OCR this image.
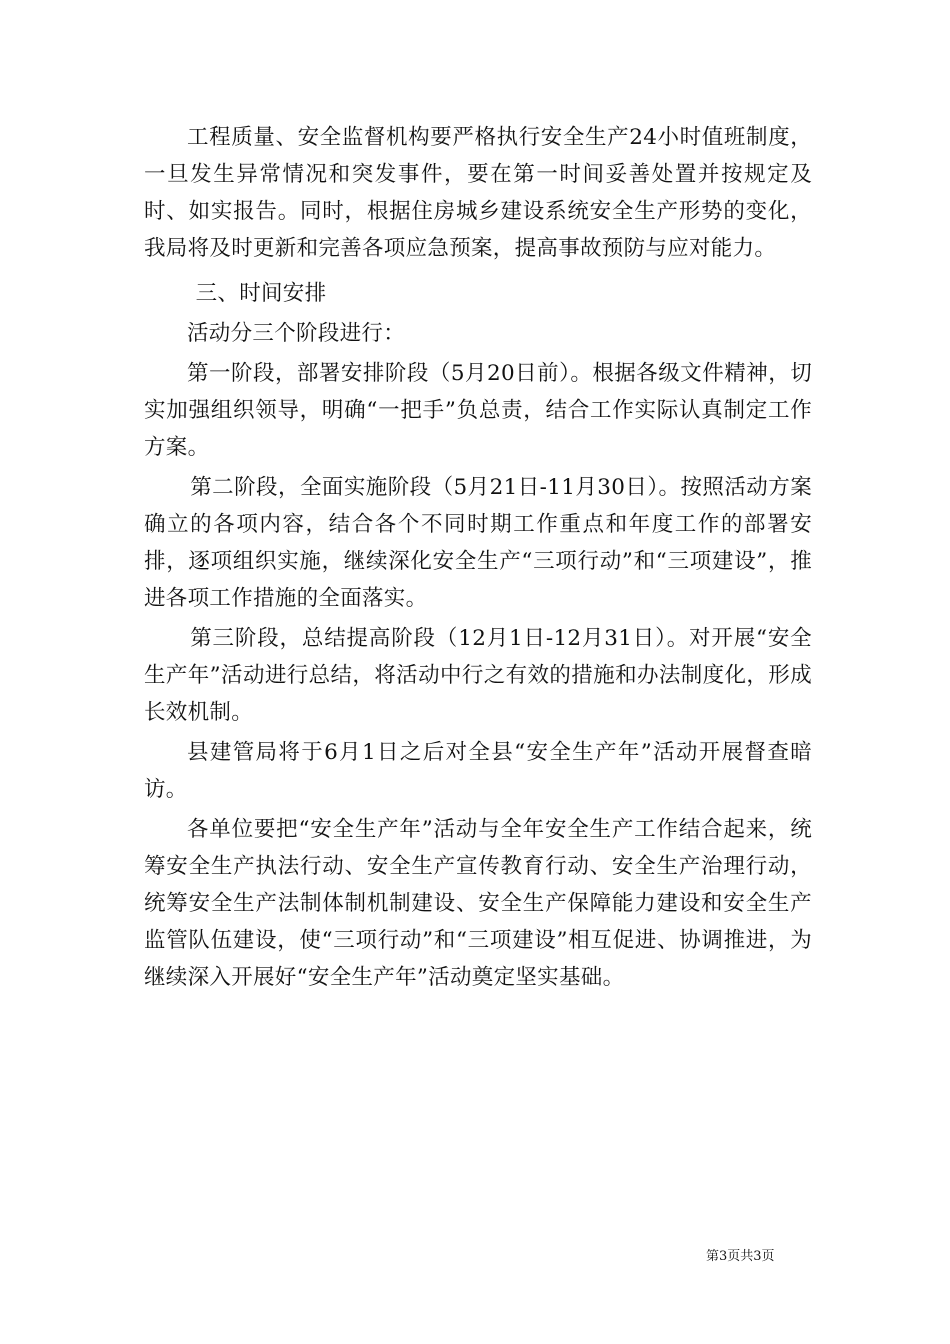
工程质量、安全监督机构要严格执行安全生产24小时值班制度，一旦发生异常情况和突发事件，要在第一时间妥善处置并按规定及时、如实报告。同时，根据住房城乡建设系统安全生产形势的变化，我局将及时更新和完善各项应急预案，提高事故预防与应对能力。

三、时间安排

活动分三个阶段进行：

第一阶段，部署安排阶段（5月20日前）。根据各级文件精神，切实加强组织领导，明确“一把手”负总责，结合工作实际认真制定工作方案。

第二阶段，全面实施阶段（5月21日-11月30日）。按照活动方案确立的各项内容，结合各个不同时期工作重点和年度工作的部署安排，逐项组织实施，继续深化安全生产“三项行动”和“三项建设”，推进各项工作措施的全面落实。

第三阶段，总结提高阶段（12月1日-12月31日）。对开展“安全生产年”活动进行总结，将活动中行之有效的措施和办法制度化，形成长效机制。

县建管局将于6月1日之后对全县“安全生产年”活动开展督查暗访。

各单位要把“安全生产年”活动与全年安全生产工作结合起来，统筹安全生产执法行动、安全生产宣传教育行动、安全生产治理行动，统筹安全生产法制体制机制建设、安全生产保障能力建设和安全生产监管队伍建设，使“三项行动”和“三项建设”相互促进、协调推进，为继续深入开展好“安全生产年”活动奠定坚实基础。

第3页共3页
